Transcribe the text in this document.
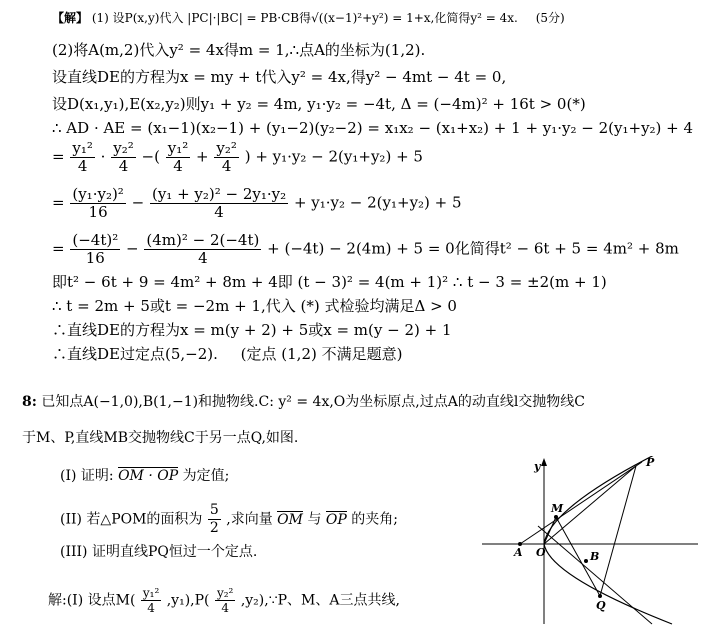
【解】 (1) 设P(x,y)代入 |PC|·|BC| = PB·CB得√((x−1)²+y²) = 1+x,化简得y² = 4x. (5分)
(2)将A(m,2)代入y² = 4x得m = 1,∴点A的坐标为(1,2).
设直线DE的方程为x = my + t代入y² = 4x,得y² − 4mt − 4t = 0,
设D(x₁,y₁),E(x₂,y₂)则y₁ + y₂ = 4m, y₁·y₂ = −4t, Δ = (−4m)² + 16t > 0(*)
∴ AD · AE = (x₁−1)(x₂−1) + (y₁−2)(y₂−2) = x₁x₂ − (x₁+x₂) + 1 + y₁·y₂ − 2(y₁+y₂) + 4
= $\frac{\text{y₁²}}{4} \cdot \frac{\text{y₂²}}{4}$ −( $\frac{\text{y₁²}}{4} + \frac{\text{y₂²}}{4}$ ) + y₁·y₂ − 2(y₁+y₂) + 5
= $\frac{\text{(y₁·y₂)²}}{16} - \frac{\text{(y₁ + y₂)² − 2y₁·y₂}}{4} + y_1\cdot y_2 - 2(y_1+y_2) + 5$
= $\frac{\text{(−4t)²}}{16} - \frac{\text{(4m)² − 2(−4t)}}{4} + (-4t) - 2(4m) + 5 = 0$化简得t² − 6t + 5 = 4m² + 8m
即t² − 6t + 9 = 4m² + 8m + 4即 (t − 3)² = 4(m + 1)² ∴ t − 3 = ±2(m + 1)
∴ t = 2m + 5或t = −2m + 1,代入 (*) 式检验均满足Δ > 0
∴直线DE的方程为x = m(y + 2) + 5或x = m(y − 2) + 1
∴直线DE过定点(5,−2). (定点 (1,2) 不满足题意)
8: 已知点A(−1,0),B(1,−1)和抛物线.C: y² = 4x,O为坐标原点,过点A的动直线l交抛物线C
于M、P,直线MB交抛物线C于另一点Q,如图.
(I) 证明: OM · OP 为定值;
(II) 若△POM的面积为 $\frac{5}{2}$ ,求向量 OM 与 OP 的夹角;
(III) 证明直线PQ恒过一个定点.
解:(I) 设点$M( \frac{\text{y₁²}}{4} ,y_1),P( \frac{\text{y₂²}}{4}$ ,y₂),∵P、M、A三点共线,
y	P
M
A O	B
Q
